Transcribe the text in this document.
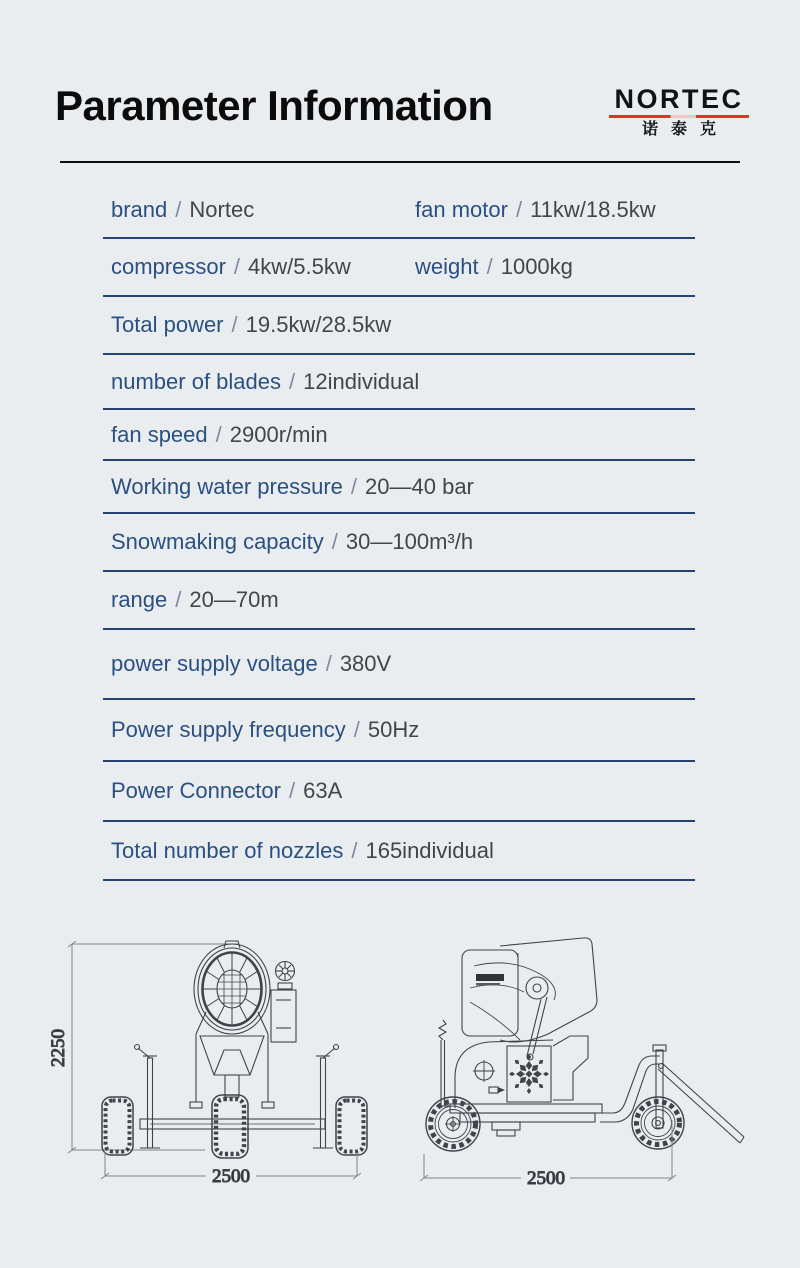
Parameter Information	NORTEC
诺泰克
brand / Nortec	fan motor / 11kw/18.5kw
compressor / 4kw/5.5kw	weight / 1000kg
Total power / 19.5kw/28.5kw
number of blades / 12individual
fan speed / 2900r/min
Working water pressure / 20—40 bar
Snowmaking capacity / 30—100m³/h
range / 20—70m
power supply voltage / 380V
Power supply frequency / 50Hz
Power Connector / 63A
Total number of nozzles / 165individual
2250
2500	2500
